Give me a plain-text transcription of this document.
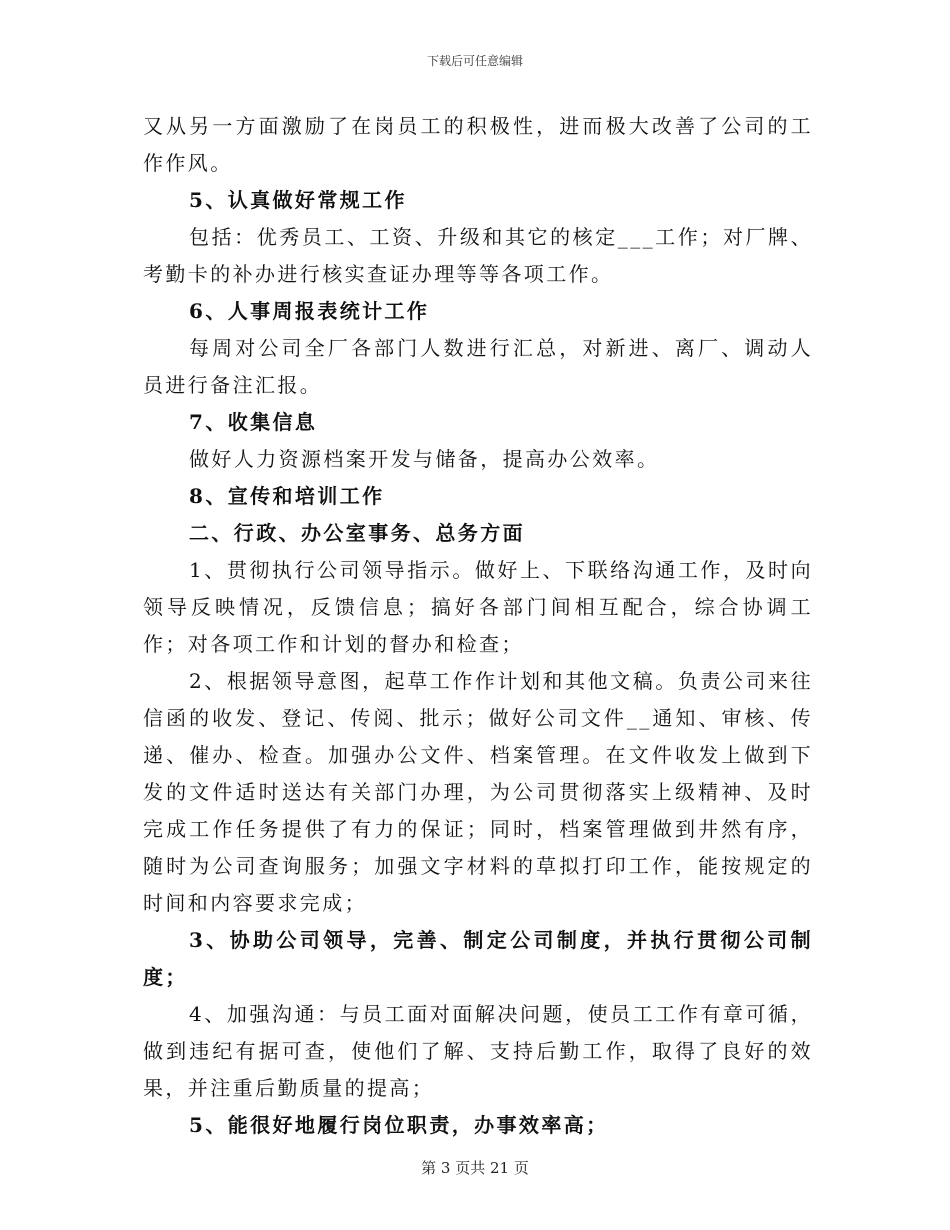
下载后可任意编辑

又从另一方面激励了在岗员工的积极性，进而极大改善了公司的工作作风。

5、认真做好常规工作

包括：优秀员工、工资、升级和其它的核定___工作；对厂牌、考勤卡的补办进行核实查证办理等等各项工作。

6、人事周报表统计工作

每周对公司全厂各部门人数进行汇总，对新进、离厂、调动人员进行备注汇报。

7、收集信息

做好人力资源档案开发与储备，提高办公效率。

8、宣传和培训工作

二、行政、办公室事务、总务方面

1、贯彻执行公司领导指示。做好上、下联络沟通工作，及时向领导反映情况，反馈信息；搞好各部门间相互配合，综合协调工作；对各项工作和计划的督办和检查；

2、根据领导意图，起草工作作计划和其他文稿。负责公司来往信函的收发、登记、传阅、批示；做好公司文件__通知、审核、传递、催办、检查。加强办公文件、档案管理。在文件收发上做到下发的文件适时送达有关部门办理，为公司贯彻落实上级精神、及时完成工作任务提供了有力的保证；同时，档案管理做到井然有序，随时为公司查询服务；加强文字材料的草拟打印工作，能按规定的时间和内容要求完成；

3、协助公司领导，完善、制定公司制度，并执行贯彻公司制度；

4、加强沟通：与员工面对面解决问题，使员工工作有章可循，做到违纪有据可查，使他们了解、支持后勤工作，取得了良好的效果，并注重后勤质量的提高；

5、能很好地履行岗位职责，办事效率高；

第 3 页共 21 页
